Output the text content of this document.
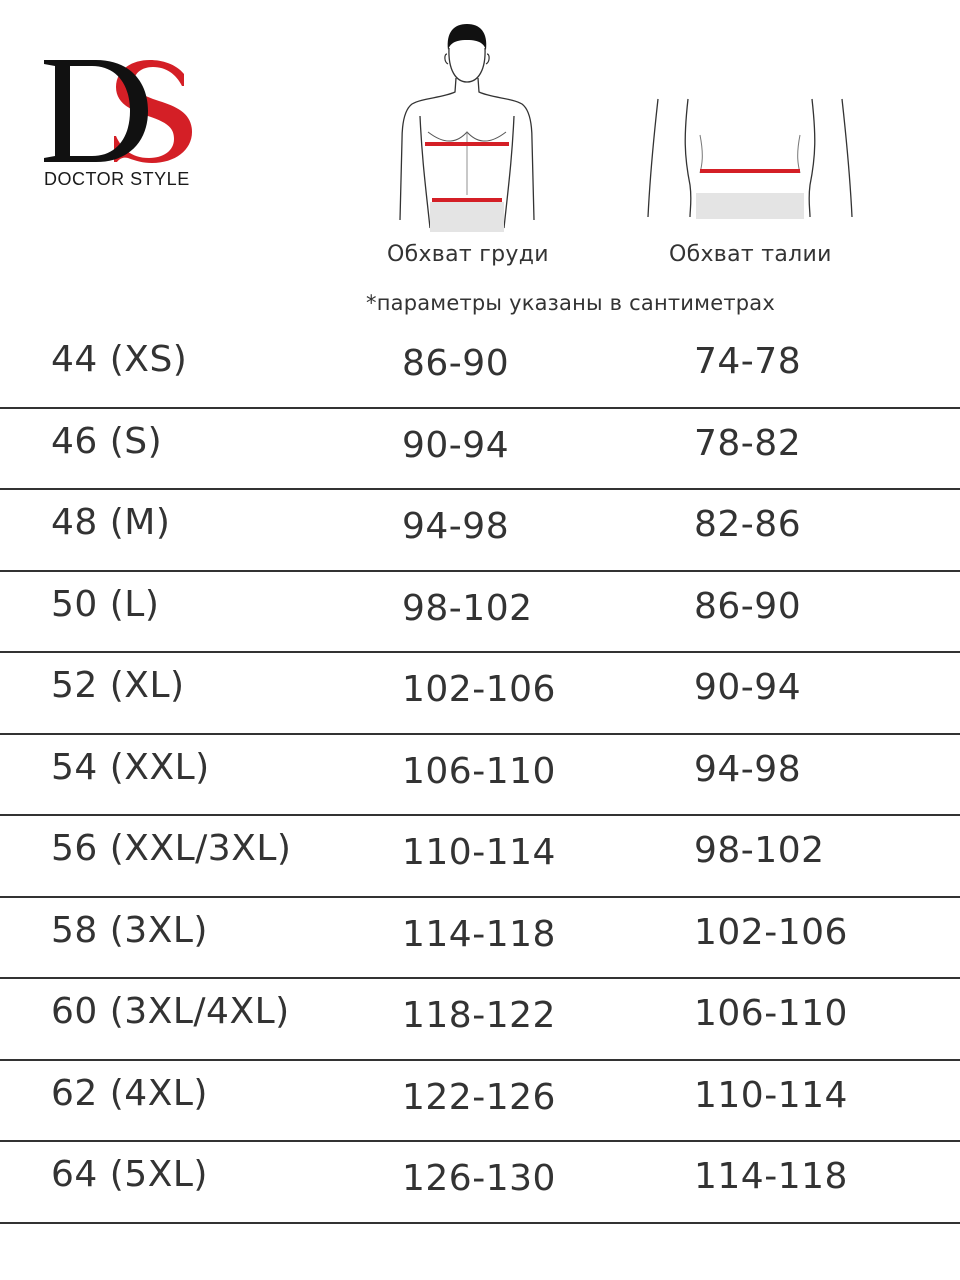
DOCTOR STYLE
Обхват груди	Обхват талии
*параметры указаны в сантиметрах
44 (XS)	86-90	74-78
46 (S)	90-94	78-82
48 (M)	94-98	82-86
50 (L)	98-102	86-90
52 (XL)	102-106	90-94
54 (XXL)	106-110	94-98
56 (XXL/3XL)	110-114	98-102
58 (3XL)	114-118	102-106
60 (3XL/4XL)	118-122	106-110
62 (4XL)	122-126	110-114
64 (5XL)	126-130	114-118
